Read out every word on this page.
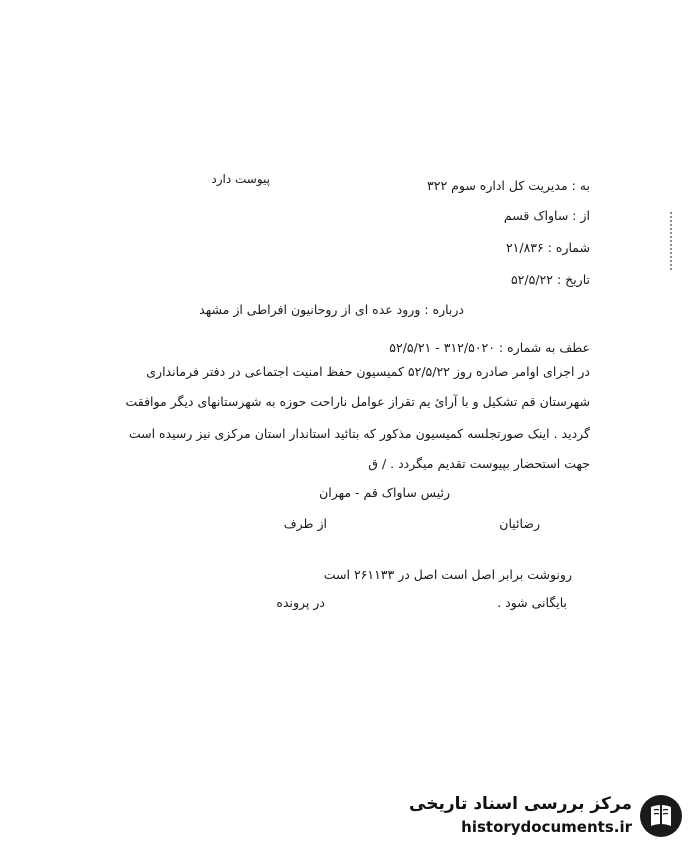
پیوست دارد	به : مدیریت کل اداره سوم ۳۲۲
از : ساواک قسم
شماره : ۲۱/۸۳۶
تاریخ : ۵۲/۵/۲۲
درباره : ورود عده ای از روحانیون افراطی از مشهد
عطف به شماره : ۳۱۲/۵۰۲۰ - ۵۲/۵/۲۱
در اجرای اوامر صادره روز ۵۲/۵/۲۲ کمیسیون حفظ امنیت اجتماعی در دفتر فرمانداری
شهرستان قم تشکیل و با آرائ یم تقراز عوامل ناراحت حوزه به شهرستانهای دیگر موافقت
گردید . اینک صورتجلسه کمیسیون مذکور که بتائید استاندار استان مرکزی نیز رسیده است
جهت استحضار بپیوست تقدیم میگردد . / ق
رئیس ساواک قم - مهران
رضائیان
از طرف
رونوشت برابر اصل است اصل در ۲۶۱۱۳۳ است
بایگانی شود .
در پرونده
مرکز بررسی اسناد تاریخی
historydocuments.ir
